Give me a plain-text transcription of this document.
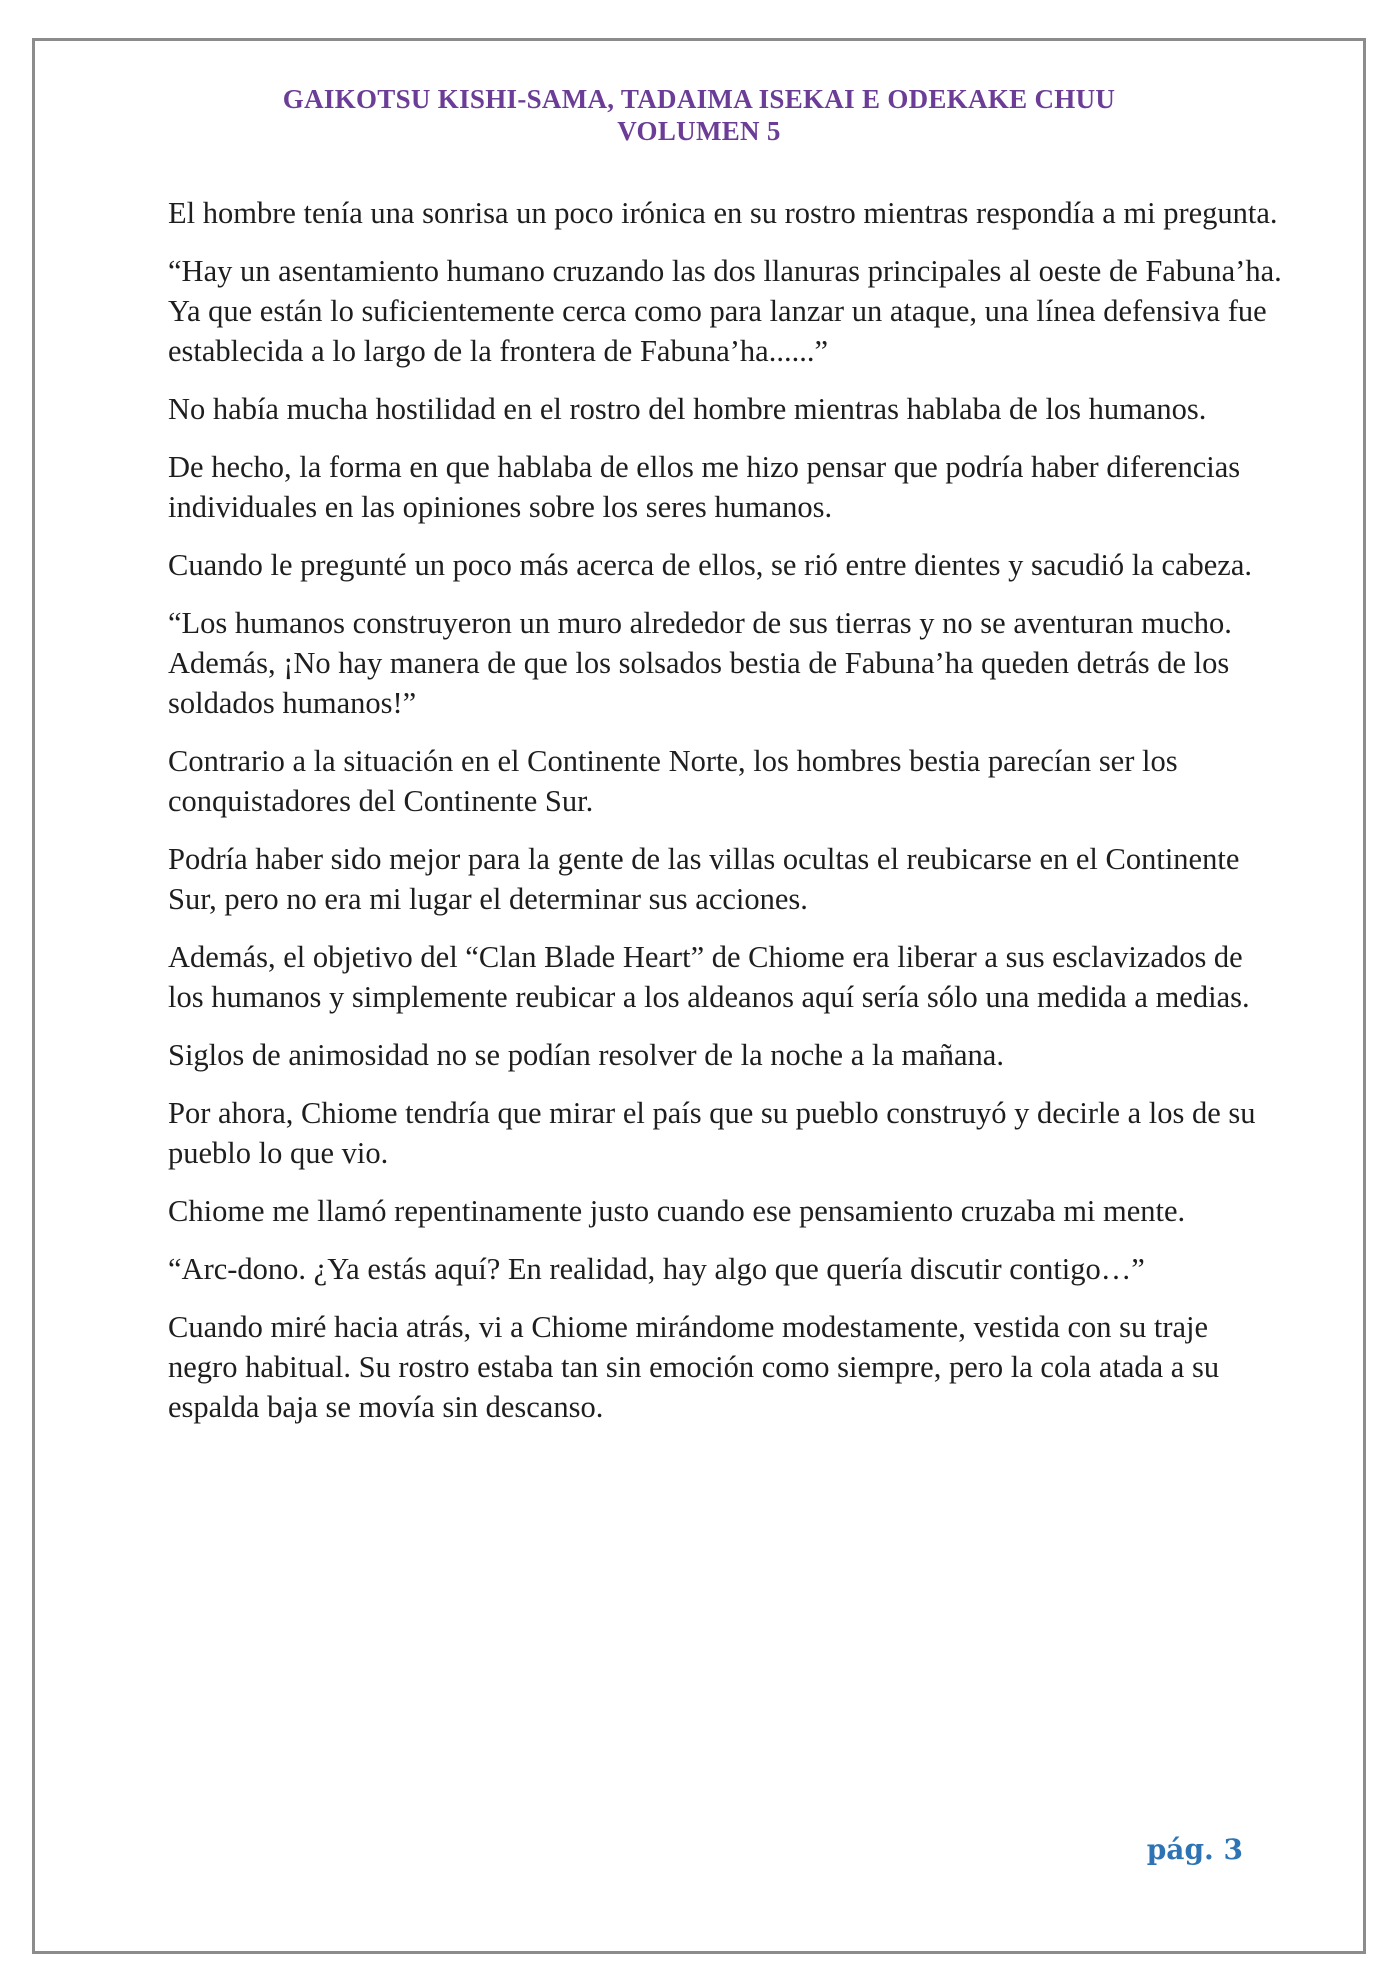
GAIKOTSU KISHI-SAMA, TADAIMA ISEKAI E ODEKAKE CHUU
VOLUMEN 5

El hombre tenía una sonrisa un poco irónica en su rostro mientras respondía a mi pregunta.

“Hay un asentamiento humano cruzando las dos llanuras principales al oeste de Fabuna’ha. Ya que están lo suficientemente cerca como para lanzar un ataque, una línea defensiva fue establecida a lo largo de la frontera de Fabuna’ha......”

No había mucha hostilidad en el rostro del hombre mientras hablaba de los humanos.

De hecho, la forma en que hablaba de ellos me hizo pensar que podría haber diferencias individuales en las opiniones sobre los seres humanos.

Cuando le pregunté un poco más acerca de ellos, se rió entre dientes y sacudió la cabeza.

“Los humanos construyeron un muro alrededor de sus tierras y no se aventuran mucho. Además, ¡No hay manera de que los solsados bestia de Fabuna’ha queden detrás de los soldados humanos!”

Contrario a la situación en el Continente Norte, los hombres bestia parecían ser los conquistadores del Continente Sur.

Podría haber sido mejor para la gente de las villas ocultas el reubicarse en el Continente Sur, pero no era mi lugar el determinar sus acciones.

Además, el objetivo del “Clan Blade Heart” de Chiome era liberar a sus esclavizados de los humanos y simplemente reubicar a los aldeanos aquí sería sólo una medida a medias.

Siglos de animosidad no se podían resolver de la noche a la mañana.

Por ahora, Chiome tendría que mirar el país que su pueblo construyó y decirle a los de su pueblo lo que vio.

Chiome me llamó repentinamente justo cuando ese pensamiento cruzaba mi mente.

“Arc-dono. ¿Ya estás aquí? En realidad, hay algo que quería discutir contigo…”

Cuando miré hacia atrás, vi a Chiome mirándome modestamente, vestida con su traje negro habitual. Su rostro estaba tan sin emoción como siempre, pero la cola atada a su espalda baja se movía sin descanso.

pág. 3
